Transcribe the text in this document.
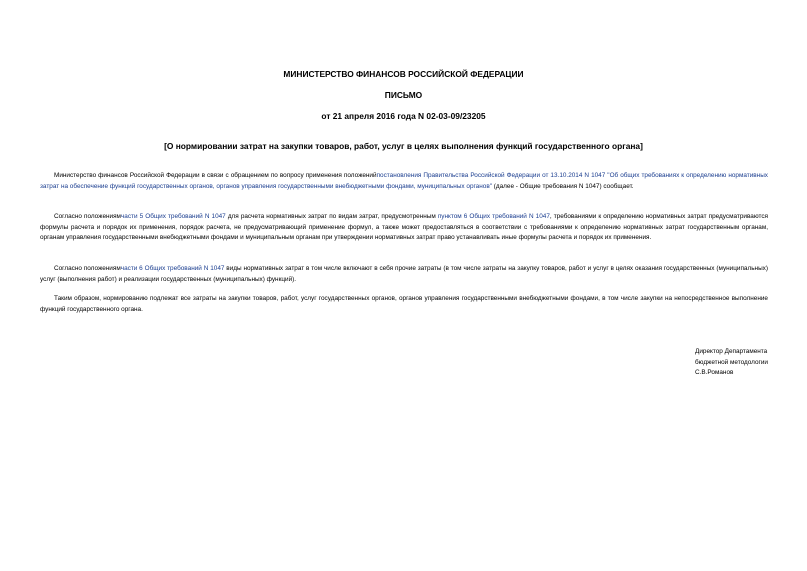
МИНИСТЕРСТВО ФИНАНСОВ РОССИЙСКОЙ ФЕДЕРАЦИИ
ПИСЬМО
от 21 апреля 2016 года N 02-03-09/23205
[О нормировании затрат на закупки товаров, работ, услуг в целях выполнения функций государственного органа]

Министерство финансов Российской Федерации в связи с обращением по вопросу применения положенийпостановления Правительства Российской Федерации от 13.10.2014 N 1047 "Об общих требованиях к определению нормативных затрат на обеспечение функций государственных органов, органов управления государственными внебюджетными фондами, муниципальных органов" (далее - Общие требования N 1047) сообщает.

Согласно положениямчасти 5 Общих требований N 1047 для расчета нормативных затрат по видам затрат, предусмотренным пунктом 6 Общих требований N 1047, требованиями к определению нормативных затрат предусматриваются формулы расчета и порядок их применения, порядок расчета, не предусматривающий применение формул, а также может предоставляться в соответствии с требованиями к определению нормативных затрат государственным органам, органам управления государственными внебюджетными фондами и муниципальным органам при утверждении нормативных затрат право устанавливать иные формулы расчета и порядок их применения.

Согласно положениямчасти 6 Общих требований N 1047 виды нормативных затрат в том числе включают в себя прочие затраты (в том числе затраты на закупку товаров, работ и услуг в целях оказания государственных (муниципальных) услуг (выполнения работ) и реализации государственных (муниципальных) функций).

Таким образом, нормированию подлежат все затраты на закупки товаров, работ, услуг государственных органов, органов управления государственными внебюджетными фондами, в том числе закупки на непосредственное выполнение функций государственного органа.

Директор Департамента
бюджетной методологии
С.В.Романов
